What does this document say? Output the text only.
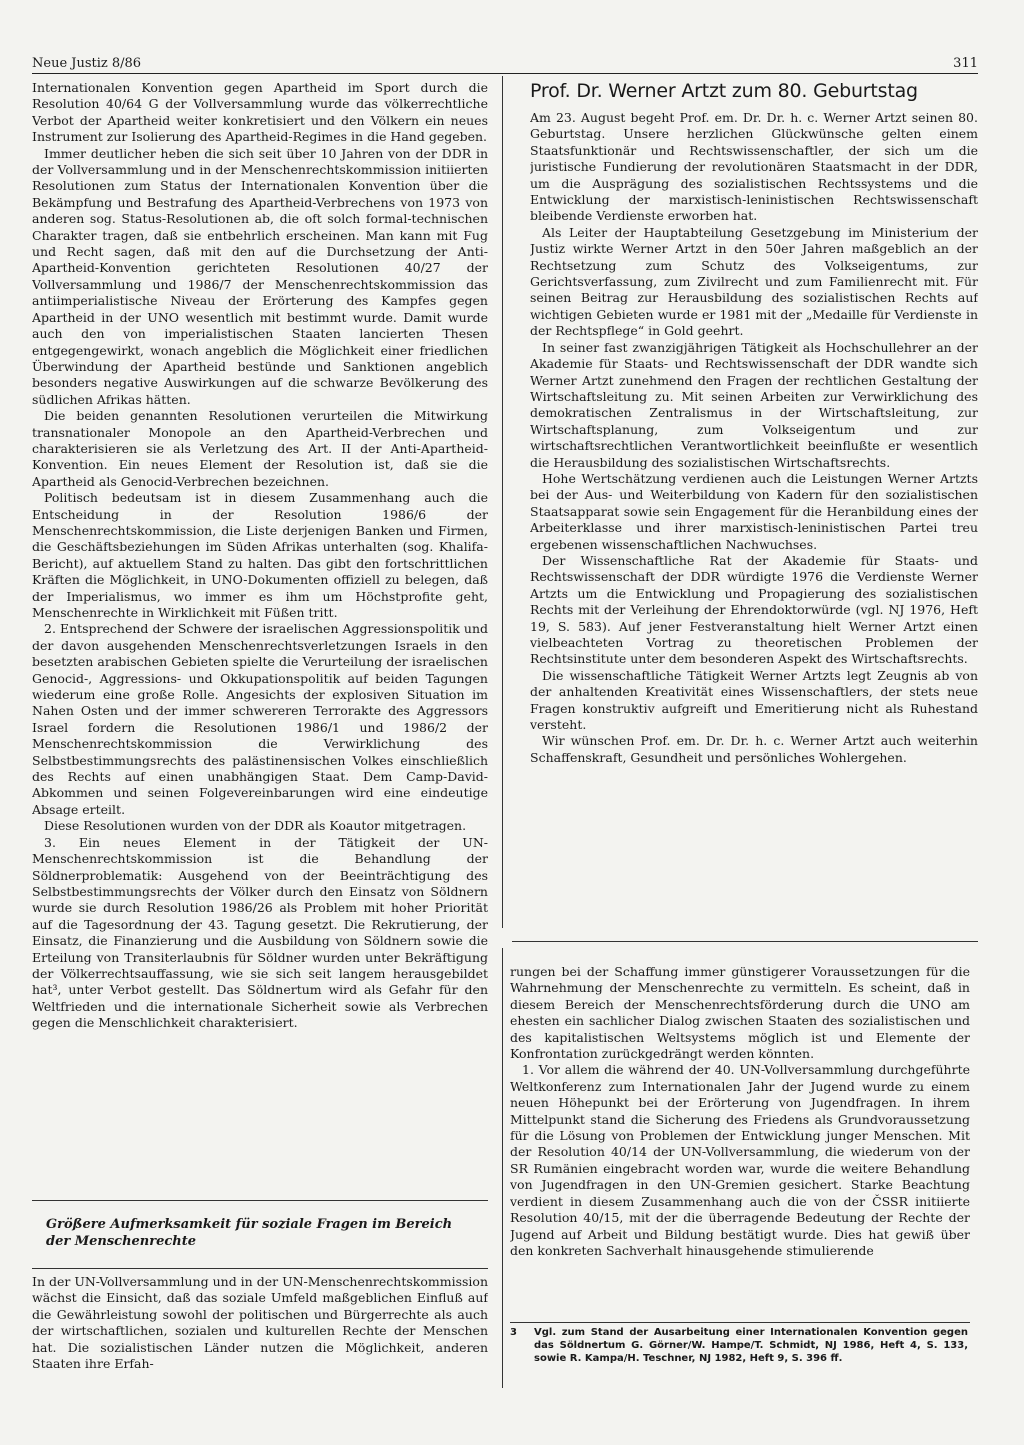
Neue Justiz 8/86	311

Internationalen Konvention gegen Apartheid im Sport durch die Resolution 40/64 G der Vollversammlung wurde das völkerrechtliche Verbot der Apartheid weiter konkretisiert und den Völkern ein neues Instrument zur Isolierung des Apartheid-Regimes in die Hand gegeben.

Immer deutlicher heben die sich seit über 10 Jahren von der DDR in der Vollversammlung und in der Menschenrechtskommission initiierten Resolutionen zum Status der Internationalen Konvention über die Bekämpfung und Bestrafung des Apartheid-Verbrechens von 1973 von anderen sog. Status-Resolutionen ab, die oft solch formal-technischen Charakter tragen, daß sie entbehrlich erscheinen. Man kann mit Fug und Recht sagen, daß mit den auf die Durchsetzung der Anti-Apartheid-Konvention gerichteten Resolutionen 40/27 der Vollversammlung und 1986/7 der Menschenrechtskommission das antiimperialistische Niveau der Erörterung des Kampfes gegen Apartheid in der UNO wesentlich mit bestimmt wurde. Damit wurde auch den von imperialistischen Staaten lancierten Thesen entgegengewirkt, wonach angeblich die Möglichkeit einer friedlichen Überwindung der Apartheid bestünde und Sanktionen angeblich besonders negative Auswirkungen auf die schwarze Bevölkerung des südlichen Afrikas hätten.

Die beiden genannten Resolutionen verurteilen die Mitwirkung transnationaler Monopole an den Apartheid-Verbrechen und charakterisieren sie als Verletzung des Art. II der Anti-Apartheid-Konvention. Ein neues Element der Resolution ist, daß sie die Apartheid als Genocid-Verbrechen bezeichnen.

Politisch bedeutsam ist in diesem Zusammenhang auch die Entscheidung in der Resolution 1986/6 der Menschenrechtskommission, die Liste derjenigen Banken und Firmen, die Geschäftsbeziehungen im Süden Afrikas unterhalten (sog. Khalifa-Bericht), auf aktuellem Stand zu halten. Das gibt den fortschrittlichen Kräften die Möglichkeit, in UNO-Dokumenten offiziell zu belegen, daß der Imperialismus, wo immer es ihm um Höchstprofite geht, Menschenrechte in Wirklichkeit mit Füßen tritt.

2. Entsprechend der Schwere der israelischen Aggressionspolitik und der davon ausgehenden Menschenrechtsverletzungen Israels in den besetzten arabischen Gebieten spielte die Verurteilung der israelischen Genocid-, Aggressions- und Okkupationspolitik auf beiden Tagungen wiederum eine große Rolle. Angesichts der explosiven Situation im Nahen Osten und der immer schwereren Terrorakte des Aggressors Israel fordern die Resolutionen 1986/1 und 1986/2 der Menschenrechtskommission die Verwirklichung des Selbstbestimmungsrechts des palästinensischen Volkes einschließlich des Rechts auf einen unabhängigen Staat. Dem Camp-David-Abkommen und seinen Folgevereinbarungen wird eine eindeutige Absage erteilt.

Diese Resolutionen wurden von der DDR als Koautor mitgetragen.

3. Ein neues Element in der Tätigkeit der UN-Menschenrechtskommission ist die Behandlung der Söldnerproblematik: Ausgehend von der Beeinträchtigung des Selbstbestimmungsrechts der Völker durch den Einsatz von Söldnern wurde sie durch Resolution 1986/26 als Problem mit hoher Priorität auf die Tagesordnung der 43. Tagung gesetzt. Die Rekrutierung, der Einsatz, die Finanzierung und die Ausbildung von Söldnern sowie die Erteilung von Transiterlaubnis für Söldner wurden unter Bekräftigung der Völkerrechtsauffassung, wie sie sich seit langem herausgebildet hat³, unter Verbot gestellt. Das Söldnertum wird als Gefahr für den Weltfrieden und die internationale Sicherheit sowie als Verbrechen gegen die Menschlichkeit charakterisiert.

Größere Aufmerksamkeit für soziale Fragen im Bereich der Menschenrechte

In der UN-Vollversammlung und in der UN-Menschenrechtskommission wächst die Einsicht, daß das soziale Umfeld maßgeblichen Einfluß auf die Gewährleistung sowohl der politischen und Bürgerrechte als auch der wirtschaftlichen, sozialen und kulturellen Rechte der Menschen hat. Die sozialistischen Länder nutzen die Möglichkeit, anderen Staaten ihre Erfah-

Prof. Dr. Werner Artzt zum 80. Geburtstag

Am 23. August begeht Prof. em. Dr. Dr. h. c. Werner Artzt seinen 80. Geburtstag. Unsere herzlichen Glückwünsche gelten einem Staatsfunktionär und Rechtswissenschaftler, der sich um die juristische Fundierung der revolutionären Staatsmacht in der DDR, um die Ausprägung des sozialistischen Rechtssystems und die Entwicklung der marxistisch-leninistischen Rechtswissenschaft bleibende Verdienste erworben hat.

Als Leiter der Hauptabteilung Gesetzgebung im Ministerium der Justiz wirkte Werner Artzt in den 50er Jahren maßgeblich an der Rechtsetzung zum Schutz des Volkseigentums, zur Gerichtsverfassung, zum Zivilrecht und zum Familienrecht mit. Für seinen Beitrag zur Herausbildung des sozialistischen Rechts auf wichtigen Gebieten wurde er 1981 mit der „Medaille für Verdienste in der Rechtspflege“ in Gold geehrt.

In seiner fast zwanzigjährigen Tätigkeit als Hochschullehrer an der Akademie für Staats- und Rechtswissenschaft der DDR wandte sich Werner Artzt zunehmend den Fragen der rechtlichen Gestaltung der Wirtschaftsleitung zu. Mit seinen Arbeiten zur Verwirklichung des demokratischen Zentralismus in der Wirtschaftsleitung, zur Wirtschaftsplanung, zum Volkseigentum und zur wirtschaftsrechtlichen Verantwortlichkeit beeinflußte er wesentlich die Herausbildung des sozialistischen Wirtschaftsrechts.

Hohe Wertschätzung verdienen auch die Leistungen Werner Artzts bei der Aus- und Weiterbildung von Kadern für den sozialistischen Staatsapparat sowie sein Engagement für die Heranbildung eines der Arbeiterklasse und ihrer marxistisch-leninistischen Partei treu ergebenen wissenschaftlichen Nachwuchses.

Der Wissenschaftliche Rat der Akademie für Staats- und Rechtswissenschaft der DDR würdigte 1976 die Verdienste Werner Artzts um die Entwicklung und Propagierung des sozialistischen Rechts mit der Verleihung der Ehrendoktorwürde (vgl. NJ 1976, Heft 19, S. 583). Auf jener Festveranstaltung hielt Werner Artzt einen vielbeachteten Vortrag zu theoretischen Problemen der Rechtsinstitute unter dem besonderen Aspekt des Wirtschaftsrechts.

Die wissenschaftliche Tätigkeit Werner Artzts legt Zeugnis ab von der anhaltenden Kreativität eines Wissenschaftlers, der stets neue Fragen konstruktiv aufgreift und Emeritierung nicht als Ruhestand versteht.

Wir wünschen Prof. em. Dr. Dr. h. c. Werner Artzt auch weiterhin Schaffenskraft, Gesundheit und persönliches Wohlergehen.

rungen bei der Schaffung immer günstigerer Voraussetzungen für die Wahrnehmung der Menschenrechte zu vermitteln. Es scheint, daß in diesem Bereich der Menschenrechtsförderung durch die UNO am ehesten ein sachlicher Dialog zwischen Staaten des sozialistischen und des kapitalistischen Weltsystems möglich ist und Elemente der Konfrontation zurückgedrängt werden könnten.

1. Vor allem die während der 40. UN-Vollversammlung durchgeführte Weltkonferenz zum Internationalen Jahr der Jugend wurde zu einem neuen Höhepunkt bei der Erörterung von Jugendfragen. In ihrem Mittelpunkt stand die Sicherung des Friedens als Grundvoraussetzung für die Lösung von Problemen der Entwicklung junger Menschen. Mit der Resolution 40/14 der UN-Vollversammlung, die wiederum von der SR Rumänien eingebracht worden war, wurde die weitere Behandlung von Jugendfragen in den UN-Gremien gesichert. Starke Beachtung verdient in diesem Zusammenhang auch die von der ČSSR initiierte Resolution 40/15, mit der die überragende Bedeutung der Rechte der Jugend auf Arbeit und Bildung bestätigt wurde. Dies hat gewiß über den konkreten Sachverhalt hinausgehende stimulierende

3 Vgl. zum Stand der Ausarbeitung einer Internationalen Konvention gegen das Söldnertum G. Görner/W. Hampe/T. Schmidt, NJ 1986, Heft 4, S. 133, sowie R. Kampa/H. Teschner, NJ 1982, Heft 9, S. 396 ff.
